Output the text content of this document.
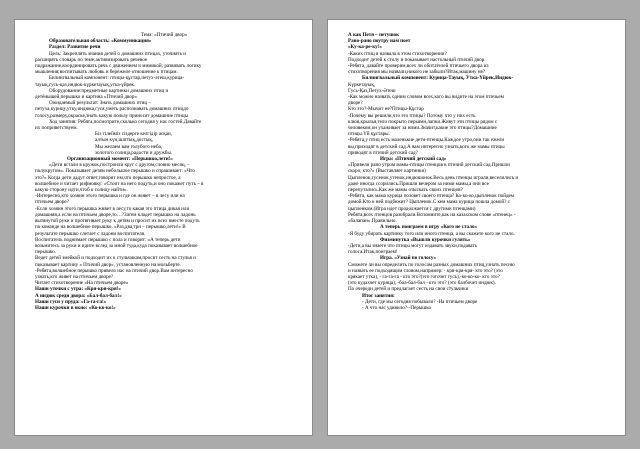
Тема: «Птичий двор»
Образовательная область: «Коммуникация»
Раздел: Развитие речи
Цель: Закреплять знания детей о домашних птицах, уточнять и
расширять словарь по теме;активизировать речевое
подражание,координировать речь с движением и мимикой; развивать логику
мышления;воспитывать любовь и бережное отношение к птицам.
Билингвальный компонент: птицы-құстар,петух-әтеш,курица-
тауық,гусь-қаз,индюк-күркетауық,утка-үйрек.
Оборудование:предметные картинки домашних птиц и
детёнышей,перышко и картина «Птичий двор»
Ожидаемый результат: Знать домашних птиц –
петуха,курицу,утку,индюка,гуся,уметь распознавать домашних птицдо
голосу,размеру,окраске,знать какую пользу приносят домашние птицы
Ход занятия: Ребята,посмотрите,сколько сегодня у нас гостей.Давайте
их поприветствуем.
Біз тілейміз сіздерге келгідір асқан,
алтын күн,шаттық,достық,
Мы желаем вам голубого неба,
золотого солнца,радости и дружбы.
Организационный момент: «Перышко,лети!»
«Дети встали в кружок,построили круг с другом,словно месяц, –
полукругом». Показывает детям небольшое перышко и спрашивает: «Что
это?» Когда дети дадут ответ,говорит им,что перышко непростое, а
волшебное и читает рифмовку: «Стоит на него подуть,и оно покажет путь – в
какую сторону идти,чтоб к солнцу найти».
-Интересно,кто хозяин этого перышка и где он живет – в лесу или на
птичьем дворе?
-Если хозяин этого перышка живет в лесу,то какая это птица дикая или
домашняя,а если на птичьем дворе,то…?Затем кладет перышко на ладонь
вытянутой руки и протягивает руку к детям и просит их всех вместе подуть
по команде на волшебное перышко. «Раз,два,три – перышко,лети!» В
результате перышко слетает с ладони воспитателя.
Воспитатель поднимает перышко с пола и говорит: «А теперь дети
возьмитесь за руки и идите вслед за мной туда,куда показывает волшебное
перышко.
Ведет детей змейкой и подходит их к стульчикам,просит сесть на стулья и
показывает картину « Птичий двор», установленную на мольберте.
-Ребята,волшебное перышко привело нас на птичий двор.Вам интересно
узнать,кто живет на птичьем дворе?
Читает стихотворение «На птичьем дворе»
Наши уточки с утра: «Кря-кря-кря!»
А индюк среди двора: «Бал-бал-бал!»
Наши гуси у пруда: «Га-га-га!»
Наши курочки в окно: «Ко-ко-ко!»
А как Петя – петушок
Рано-рано поутру нам поет
«Ку-ка-ре-ку!»
-Каких птиц я назвала в этом стихотворении?
Подходит детей к столу и показывает настольный птичий двор.
-Ребята, давайте проверим,всех ли обитателей птичьего двора из
стихотворения мы назвали,никого не забыли?Итак,машину не?
Билингвальный компонент: Курица-Тауық, Утка-Үйрек,Индюк-
Күркетауық,
Гусь-Қаз,Петух-Әтеш
-Как можно назвать одним словом всех,кого вы видите на этом птичьем
дворе?
Кто это?-Мычит не?Птицы-Құстар
-Почему вы решили,что это птицы? Потому что у них есть
клюв,крылья,тело покрыто перьями,лапки.Живут эти птицы рядом с
человеком,он ухаживает за ними.Значит,какие это птицы?Домашние
птицы.Үй құстары.
-Ребята,у птиц есть маленькие дети-птенцы.Каждое утро,они так ежели
вы,приходят в детский сад.А вам интересно узнать,кого же мамы птицы
приводят в птичий детский сад?
Игра: «Птичий детский сад»
«Привели рано утром мамы-птицы птенцов в птичий детский сад.Пришли
скоро, кто?» (Выставляет картинки)
Цыпленок,гусенок,утенок,индюшонок.Весь день птенцы играли,веселились и
даже иногда ссорились.Пришли вечером за ними мамы,а они все
перепутались.Как же мамы отыскать своих птенцов?
-Ребята, как мама курица позовет своего птенца? Ко-ко-ко,цыпленок пойдем
домой.Кто к ней подбежит? Цыпленок.С кем мама курица пошла домой? с
цыпленком.(Игра идет продолжается с другими птенцами)
Ребята,всех птенцов разобрали.Вспомните,как на казахском слове «птенец» -
«балапан».Правильно.
А теперь поиграем в игру «Кого не стало»
-Я буду убирать картинку того или иного птенца, а вы скажете кого не стало.
Физминутка «Вышли курочки гулять»
-Дети,а вы знаете что птицы могут издавать звуки,подавать
голоса.Итак,поиграем!
Игра. «Узнай по голосу»
Сможете ли вы определить по голосам разных домашних птиц,узнать песню
и назвать ее подходящим словом,например: - кря-кря-кря- кто это? (это
крякает утка), - га-га-га - кто это?(это гогочет гусь),-ко-ко-ко- кто это?
(это кудахчет курица), -бал-бал-бал - кто это? (это балбочет индюк).
По очереди детей и предлагает сесть на свои стульчики
Итог занятия:
- Дети, где мы сегодня побывали? -На птичьем дворе
- А что нас удивило?--Перышко
